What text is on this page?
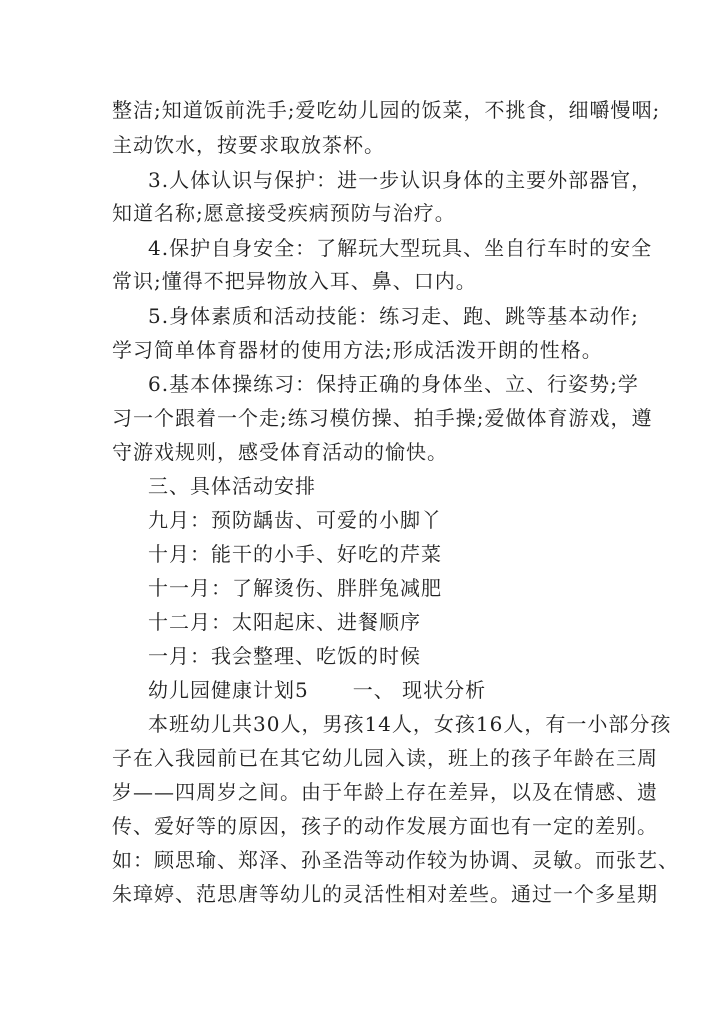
整洁;知道饭前洗手;爱吃幼儿园的饭菜，不挑食，细嚼慢咽;
主动饮水，按要求取放茶杯。
3.人体认识与保护：进一步认识身体的主要外部器官，
知道名称;愿意接受疾病预防与治疗。
4.保护自身安全：了解玩大型玩具、坐自行车时的安全
常识;懂得不把异物放入耳、鼻、口内。
5.身体素质和活动技能：练习走、跑、跳等基本动作;
学习简单体育器材的使用方法;形成活泼开朗的性格。
6.基本体操练习：保持正确的身体坐、立、行姿势;学
习一个跟着一个走;练习模仿操、拍手操;爱做体育游戏，遵
守游戏规则，感受体育活动的愉快。
三、具体活动安排
九月：预防龋齿、可爱的小脚丫
十月：能干的小手、好吃的芹菜
十一月：了解烫伤、胖胖兔减肥
十二月：太阳起床、进餐顺序
一月：我会整理、吃饭的时候
幼儿园健康计划5 一、 现状分析
本班幼儿共30人，男孩14人，女孩16人，有一小部分孩
子在入我园前已在其它幼儿园入读，班上的孩子年龄在三周
岁——四周岁之间。由于年龄上存在差异，以及在情感、遗
传、爱好等的原因，孩子的动作发展方面也有一定的差别。
如：顾思瑜、郑泽、孙圣浩等动作较为协调、灵敏。而张艺、
朱璋婷、范思唐等幼儿的灵活性相对差些。通过一个多星期
